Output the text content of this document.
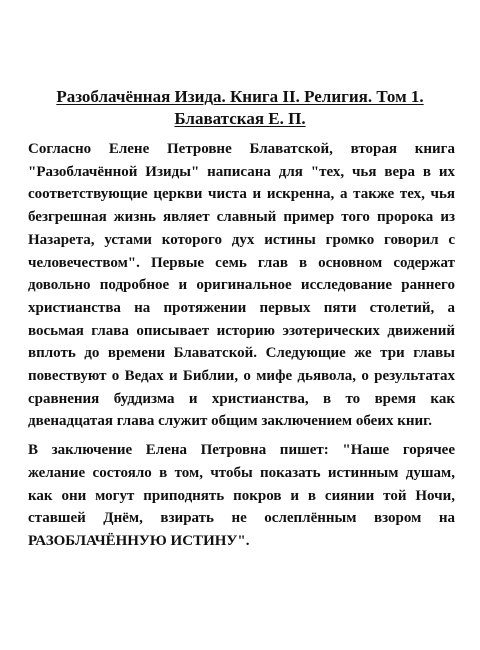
Разоблачённая Изида. Книга II. Религия. Том 1.
Блаватская Е. П.

Согласно Елене Петровне Блаватской, вторая книга "Разоблачённой Изиды" написана для "тех, чья вера в их соответствующие церкви чиста и искренна, а также тех, чья безгрешная жизнь являет славный пример того пророка из Назарета, устами которого дух истины громко говорил с человечеством". Первые семь глав в основном содержат довольно подробное и оригинальное исследование раннего христианства на протяжении первых пяти столетий, а восьмая глава описывает историю эзотерических движений вплоть до времени Блаватской. Следующие же три главы повествуют о Ведах и Библии, о мифе дьявола, о результатах сравнения буддизма и христианства, в то время как двенадцатая глава служит общим заключением обеих книг.

В заключение Елена Петровна пишет: "Наше горячее желание состояло в том, чтобы показать истинным душам, как они могут приподнять покров и в сиянии той Ночи, ставшей Днём, взирать не ослеплённым взором на РАЗОБЛАЧЁННУЮ ИСТИНУ".
